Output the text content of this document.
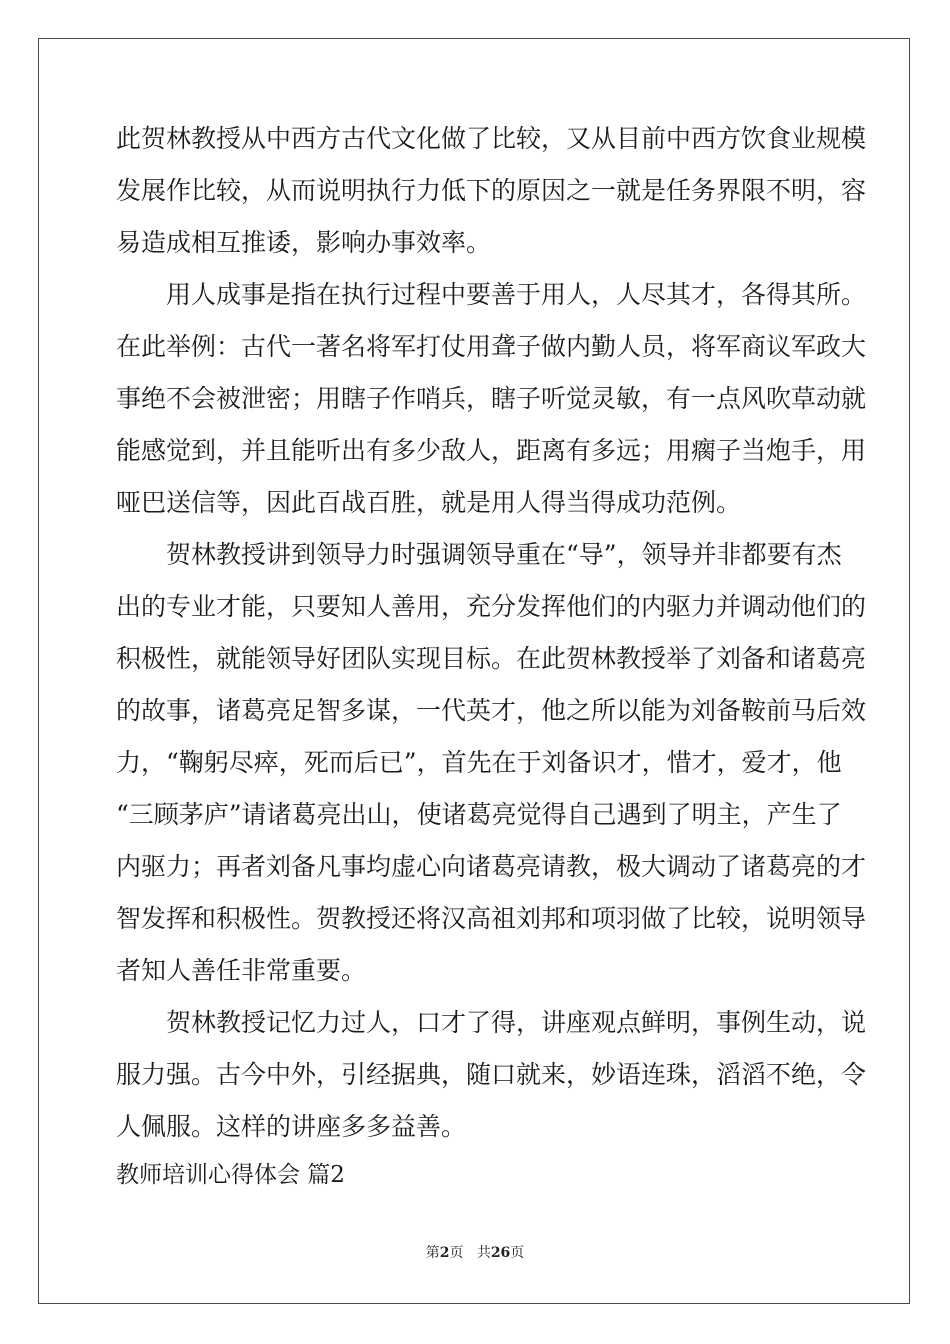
此贺林教授从中西方古代文化做了比较，又从目前中西方饮食业规模
发展作比较，从而说明执行力低下的原因之一就是任务界限不明，容
易造成相互推诿，影响办事效率。
用人成事是指在执行过程中要善于用人，人尽其才，各得其所。
在此举例：古代一著名将军打仗用聋子做内勤人员，将军商议军政大
事绝不会被泄密；用瞎子作哨兵，瞎子听觉灵敏，有一点风吹草动就
能感觉到，并且能听出有多少敌人，距离有多远；用瘸子当炮手，用
哑巴送信等，因此百战百胜，就是用人得当得成功范例。
贺林教授讲到领导力时强调领导重在“导”，领导并非都要有杰
出的专业才能，只要知人善用，充分发挥他们的内驱力并调动他们的
积极性，就能领导好团队实现目标。在此贺林教授举了刘备和诸葛亮
的故事，诸葛亮足智多谋，一代英才，他之所以能为刘备鞍前马后效
力，“鞠躬尽瘁，死而后已”，首先在于刘备识才，惜才，爱才，他
“三顾茅庐”请诸葛亮出山，使诸葛亮觉得自己遇到了明主，产生了
内驱力；再者刘备凡事均虚心向诸葛亮请教，极大调动了诸葛亮的才
智发挥和积极性。贺教授还将汉高祖刘邦和项羽做了比较，说明领导
者知人善任非常重要。
贺林教授记忆力过人，口才了得，讲座观点鲜明，事例生动，说
服力强。古今中外，引经据典，随口就来，妙语连珠，滔滔不绝，令
人佩服。这样的讲座多多益善。
教师培训心得体会 篇2
第2页 共26页
